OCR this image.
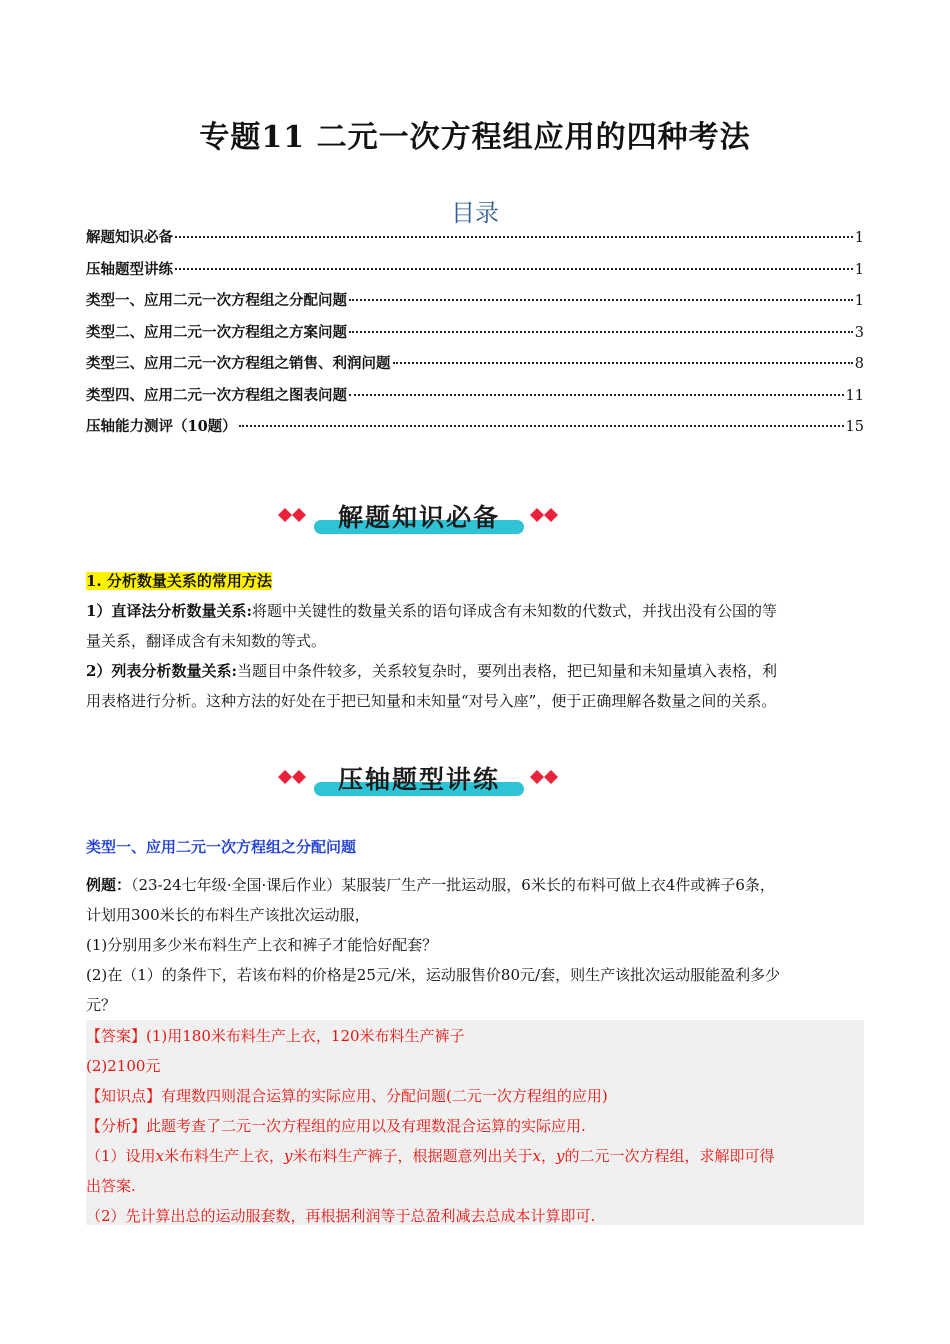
专题11 二元一次方程组应用的四种考法
目录
解题知识必备	1
压轴题型讲练	1
类型一、应用二元一次方程组之分配问题	1
类型二、应用二元一次方程组之方案问题	3
类型三、应用二元一次方程组之销售、利润问题	8
类型四、应用二元一次方程组之图表问题	11
压轴能力测评（10题）	15
解题知识必备
1. 分析数量关系的常用方法
1）直译法分析数量关系:将题中关键性的数量关系的语句译成含有未知数的代数式，并找出没有公国的等
量关系，翻译成含有未知数的等式。
2）列表分析数量关系:当题目中条件较多，关系较复杂时，要列出表格，把已知量和未知量填入表格，利
用表格进行分析。这种方法的好处在于把已知量和未知量“对号入座”，便于正确理解各数量之间的关系。
压轴题型讲练
类型一、应用二元一次方程组之分配问题
例题：（23-24七年级·全国·课后作业）某服装厂生产一批运动服，6米长的布料可做上衣4件或裤子6条，
计划用300米长的布料生产该批次运动服，
(1)分别用多少米布料生产上衣和裤子才能恰好配套？
(2)在（1）的条件下，若该布料的价格是25元/米，运动服售价80元/套，则生产该批次运动服能盈利多少
元？
【答案】(1)用180米布料生产上衣，120米布料生产裤子
(2)2100元
【知识点】有理数四则混合运算的实际应用、分配问题(二元一次方程组的应用)
【分析】此题考查了二元一次方程组的应用以及有理数混合运算的实际应用.
（1）设用x米布料生产上衣，y米布料生产裤子，根据题意列出关于x，y的二元一次方程组，求解即可得
出答案.
（2）先计算出总的运动服套数，再根据利润等于总盈利减去总成本计算即可.
